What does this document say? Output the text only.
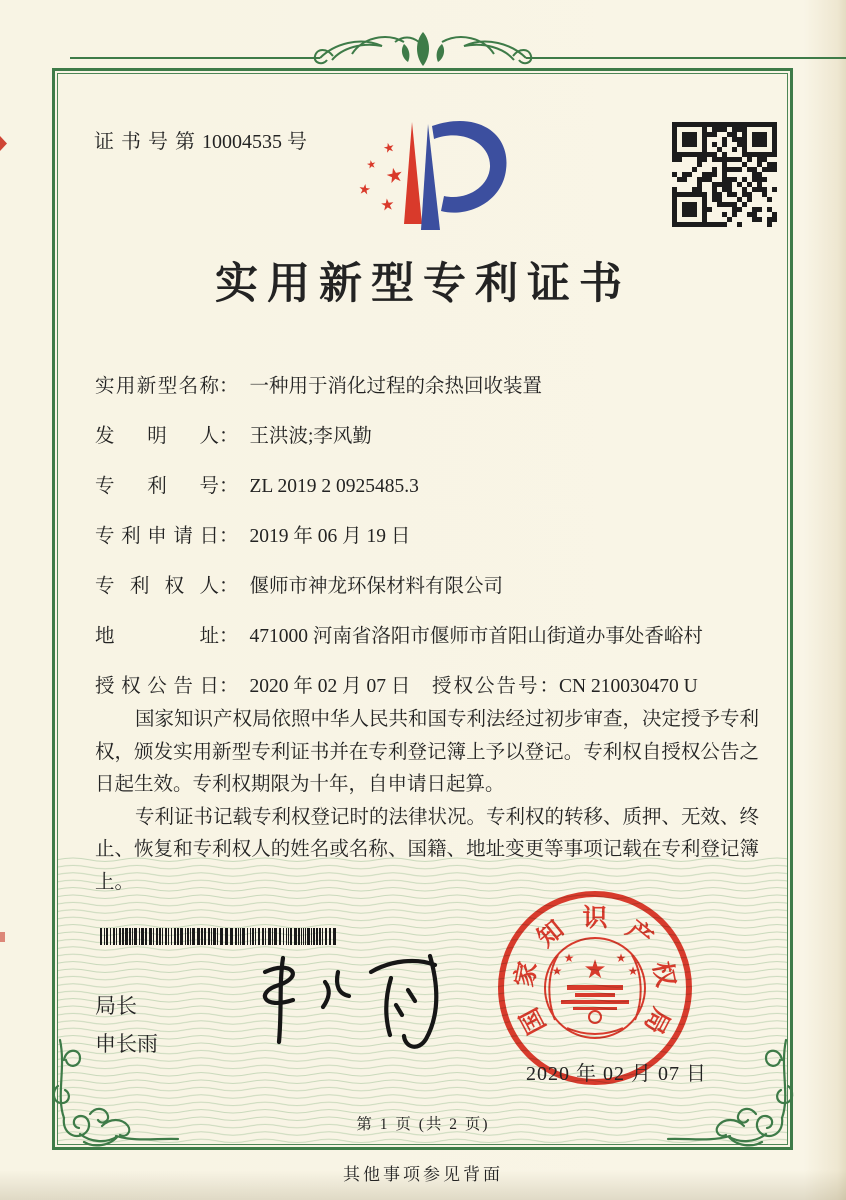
证书号第10004535 号	★
★ ★
★
★
实用新型专利证书
实用新型名称： 一种用于消化过程的余热回收装置
发明人： 王洪波;李风勤
专利号： ZL 2019 2 0925485.3
专利申请日： 2019 年 06 月 19 日
专利权人： 偃师市神龙环保材料有限公司
地址： 471000 河南省洛阳市偃师市首阳山街道办事处香峪村
授权公告日： 2020 年 02 月 07 日 授权公告号：CN 210030470 U

国家知识产权局依照中华人民共和国专利法经过初步审查，决定授予专利权，颁发实用新型专利证书并在专利登记簿上予以登记。专利权自授权公告之日起生效。专利权期限为十年，自申请日起算。

专利证书记载专利权登记时的法律状况。专利权的转移、质押、无效、终止、恢复和专利权人的姓名或名称、国籍、地址变更等事项记载在专利登记簿上。

局长
申长雨
国
家
知 识 产
权
局
★
★
★
★
★
2020 年 02 月 07 日
第 1 页 (共 2 页)
其他事项参见背面
